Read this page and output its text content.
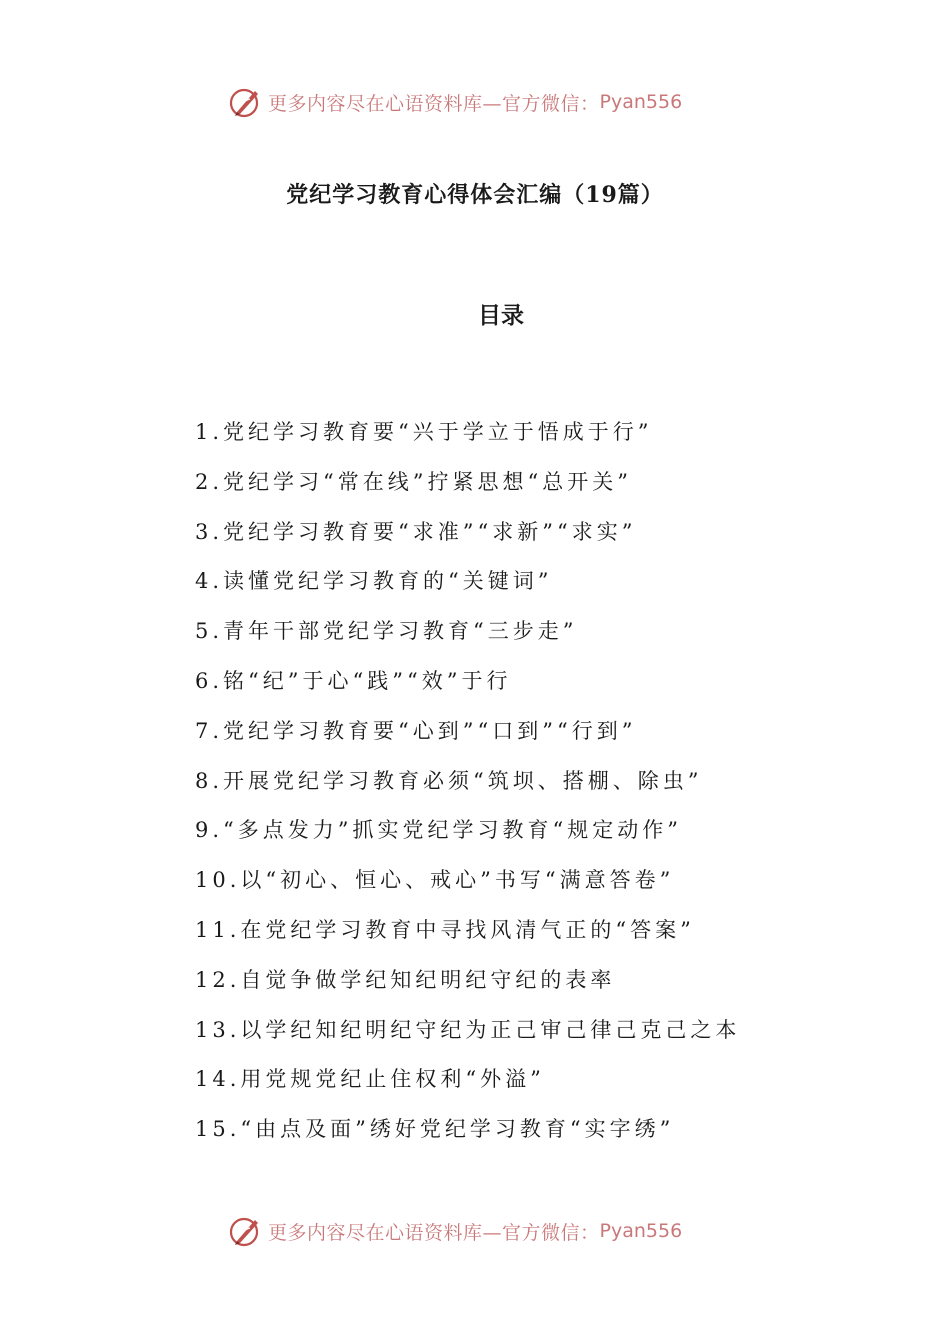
更多内容尽在心语资料库—官方微信： Pyan556
党纪学习教育心得体会汇编（19篇）
目录
1.党纪学习教育要“兴于学立于悟成于行”
2.党纪学习“常在线”拧紧思想“总开关”
3.党纪学习教育要“求准”“求新”“求实”
4.读懂党纪学习教育的“关键词”
5.青年干部党纪学习教育“三步走”
6.铭“纪”于心“践”“效”于行
7.党纪学习教育要“心到”“口到”“行到”
8.开展党纪学习教育必须“筑坝、搭棚、除虫”
9.“多点发力”抓实党纪学习教育“规定动作”
10.以“初心、恒心、戒心”书写“满意答卷”
11.在党纪学习教育中寻找风清气正的“答案”
12.自觉争做学纪知纪明纪守纪的表率
13.以学纪知纪明纪守纪为正己审己律己克己之本
14.用党规党纪止住权利“外溢”
15.“由点及面”绣好党纪学习教育“实字绣”
更多内容尽在心语资料库—官方微信： Pyan556
